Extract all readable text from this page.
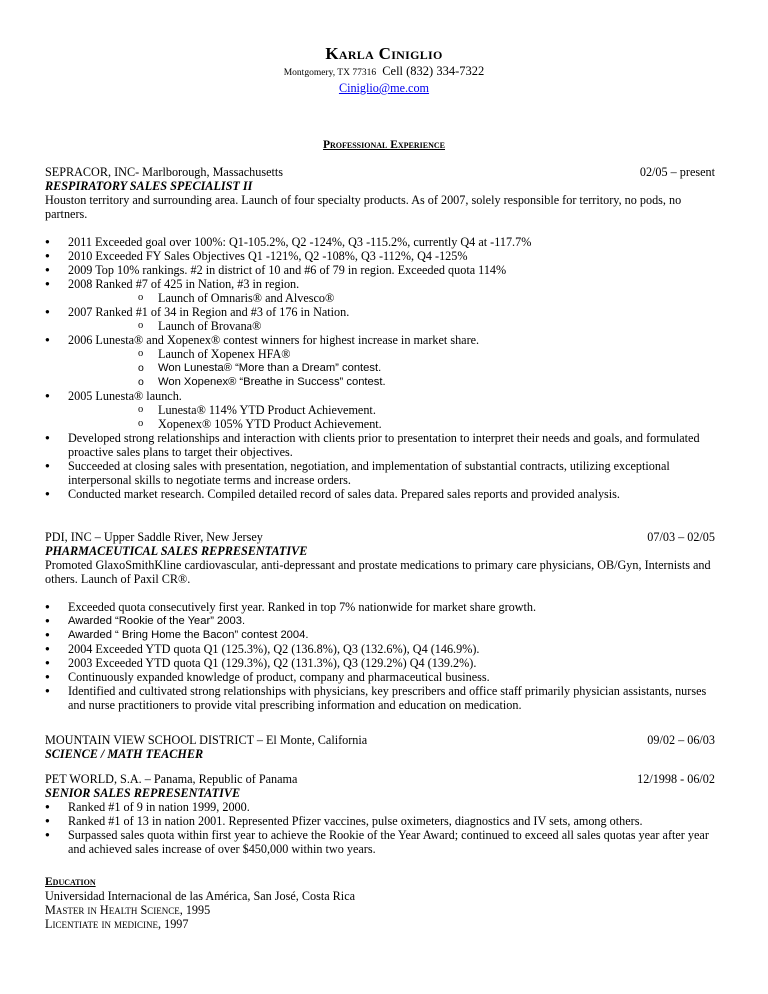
Karla Ciniglio
Montgomery, TX 77316 Cell (832) 334-7322
Ciniglio@me.com
Professional Experience
SEPRACOR, INC- Marlborough, Massachusetts	02/05 – present
RESPIRATORY SALES SPECIALIST II
Houston territory and surrounding area. Launch of four specialty products. As of 2007, solely responsible for territory, no pods, no partners.
● 2011 Exceeded goal over 100%: Q1-105.2%, Q2 -124%, Q3 -115.2%, currently Q4 at -117.7%
● 2010 Exceeded FY Sales Objectives Q1 -121%, Q2 -108%, Q3 -112%, Q4 -125%
● 2009 Top 10% rankings. #2 in district of 10 and #6 of 79 in region. Exceeded quota 114%
● 2008 Ranked #7 of 425 in Nation, #3 in region.
o Launch of Omnaris® and Alvesco®
● 2007 Ranked #1 of 34 in Region and #3 of 176 in Nation.
o Launch of Brovana®
● 2006 Lunesta® and Xopenex® contest winners for highest increase in market share.
o Launch of Xopenex HFA®
o Won Lunesta® “More than a Dream” contest.
o Won Xopenex® “Breathe in Success” contest.
● 2005 Lunesta® launch.
o Lunesta® 114% YTD Product Achievement.
o Xopenex® 105% YTD Product Achievement.
● Developed strong relationships and interaction with clients prior to presentation to interpret their needs and goals, and formulated proactive sales plans to target their objectives.
● Succeeded at closing sales with presentation, negotiation, and implementation of substantial contracts, utilizing exceptional interpersonal skills to negotiate terms and increase orders.
● Conducted market research. Compiled detailed record of sales data. Prepared sales reports and provided analysis.
PDI, INC – Upper Saddle River, New Jersey	07/03 – 02/05
PHARMACEUTICAL SALES REPRESENTATIVE
Promoted GlaxoSmithKline cardiovascular, anti-depressant and prostate medications to primary care physicians, OB/Gyn, Internists and others. Launch of Paxil CR®.
● Exceeded quota consecutively first year. Ranked in top 7% nationwide for market share growth.
● Awarded “Rookie of the Year” 2003.
● Awarded “ Bring Home the Bacon” contest 2004.
● 2004 Exceeded YTD quota Q1 (125.3%), Q2 (136.8%), Q3 (132.6%), Q4 (146.9%).
● 2003 Exceeded YTD quota Q1 (129.3%), Q2 (131.3%), Q3 (129.2%) Q4 (139.2%).
● Continuously expanded knowledge of product, company and pharmaceutical business.
● Identified and cultivated strong relationships with physicians, key prescribers and office staff primarily physician assistants, nurses and nurse practitioners to provide vital prescribing information and education on medication.
MOUNTAIN VIEW SCHOOL DISTRICT – El Monte, California	09/02 – 06/03
SCIENCE / MATH TEACHER
PET WORLD, S.A. – Panama, Republic of Panama	12/1998 - 06/02
SENIOR SALES REPRESENTATIVE
● Ranked #1 of 9 in nation 1999, 2000.
● Ranked #1 of 13 in nation 2001. Represented Pfizer vaccines, pulse oximeters, diagnostics and IV sets, among others.
● Surpassed sales quota within first year to achieve the Rookie of the Year Award; continued to exceed all sales quotas year after year and achieved sales increase of over $450,000 within two years.
Education
Universidad Internacional de las América, San José, Costa Rica
Master in Health Science, 1995
Licentiate in medicine, 1997
